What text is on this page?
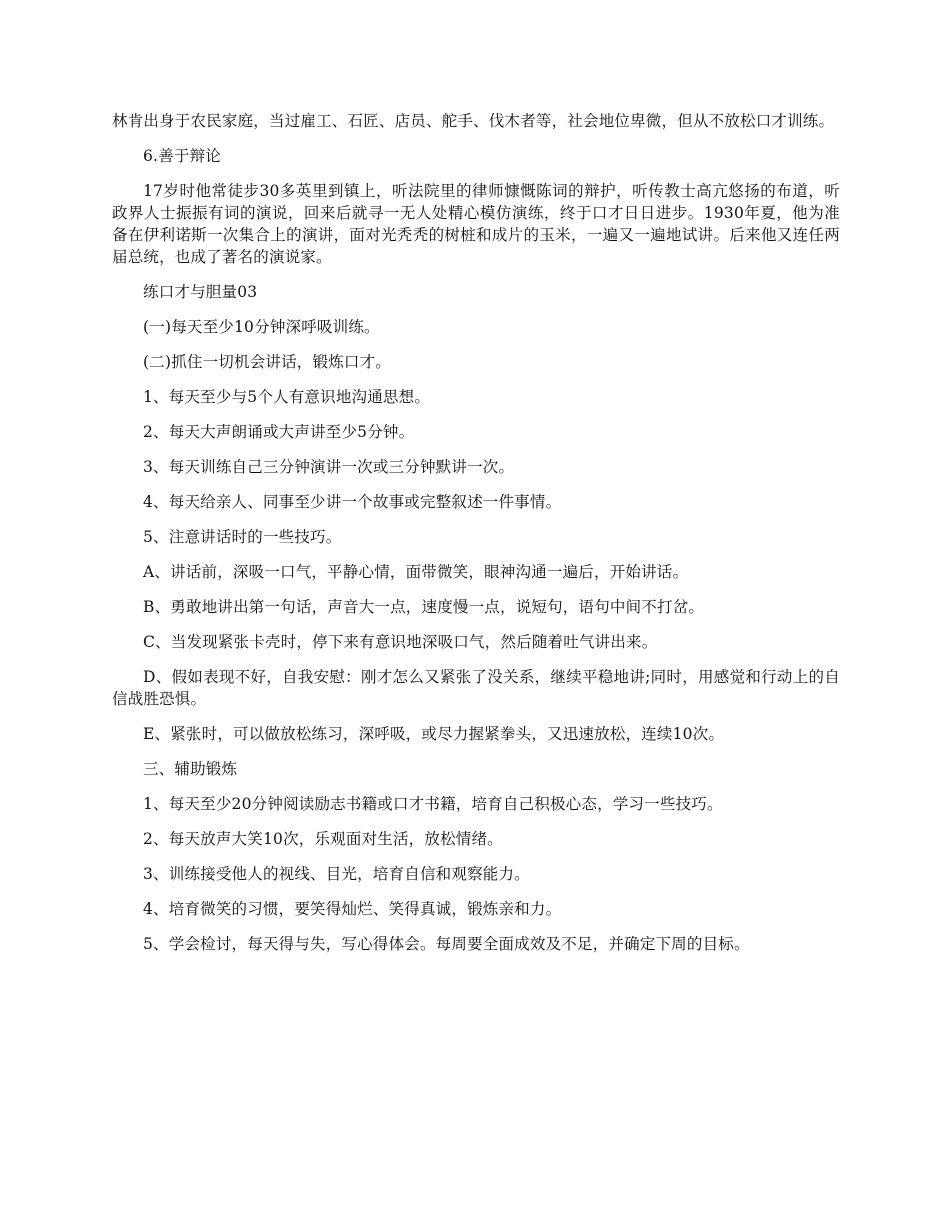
林肯出身于农民家庭，当过雇工、石匠、店员、舵手、伐木者等，社会地位卑微，但从不放松口才训练。

6.善于辩论

17岁时他常徒步30多英里到镇上，听法院里的律师慷慨陈词的辩护，听传教士高亢悠扬的布道，听政界人士振振有词的演说，回来后就寻一无人处精心模仿演练，终于口才日日进步。1930年夏，他为准备在伊利诺斯一次集合上的演讲，面对光秃秃的树桩和成片的玉米，一遍又一遍地试讲。后来他又连任两届总统，也成了著名的演说家。

练口才与胆量03

(一)每天至少10分钟深呼吸训练。

(二)抓住一切机会讲话，锻炼口才。

1、每天至少与5个人有意识地沟通思想。

2、每天大声朗诵或大声讲至少5分钟。

3、每天训练自己三分钟演讲一次或三分钟默讲一次。

4、每天给亲人、同事至少讲一个故事或完整叙述一件事情。

5、注意讲话时的一些技巧。

A、讲话前，深吸一口气，平静心情，面带微笑，眼神沟通一遍后，开始讲话。

B、勇敢地讲出第一句话，声音大一点，速度慢一点，说短句，语句中间不打岔。

C、当发现紧张卡壳时，停下来有意识地深吸口气，然后随着吐气讲出来。

D、假如表现不好，自我安慰：刚才怎么又紧张了没关系，继续平稳地讲;同时，用感觉和行动上的自信战胜恐惧。

E、紧张时，可以做放松练习，深呼吸，或尽力握紧拳头，又迅速放松，连续10次。

三、辅助锻炼

1、每天至少20分钟阅读励志书籍或口才书籍，培育自己积极心态，学习一些技巧。

2、每天放声大笑10次，乐观面对生活，放松情绪。

3、训练接受他人的视线、目光，培育自信和观察能力。

4、培育微笑的习惯，要笑得灿烂、笑得真诚，锻炼亲和力。

5、学会检讨，每天得与失，写心得体会。每周要全面成效及不足，并确定下周的目标。
